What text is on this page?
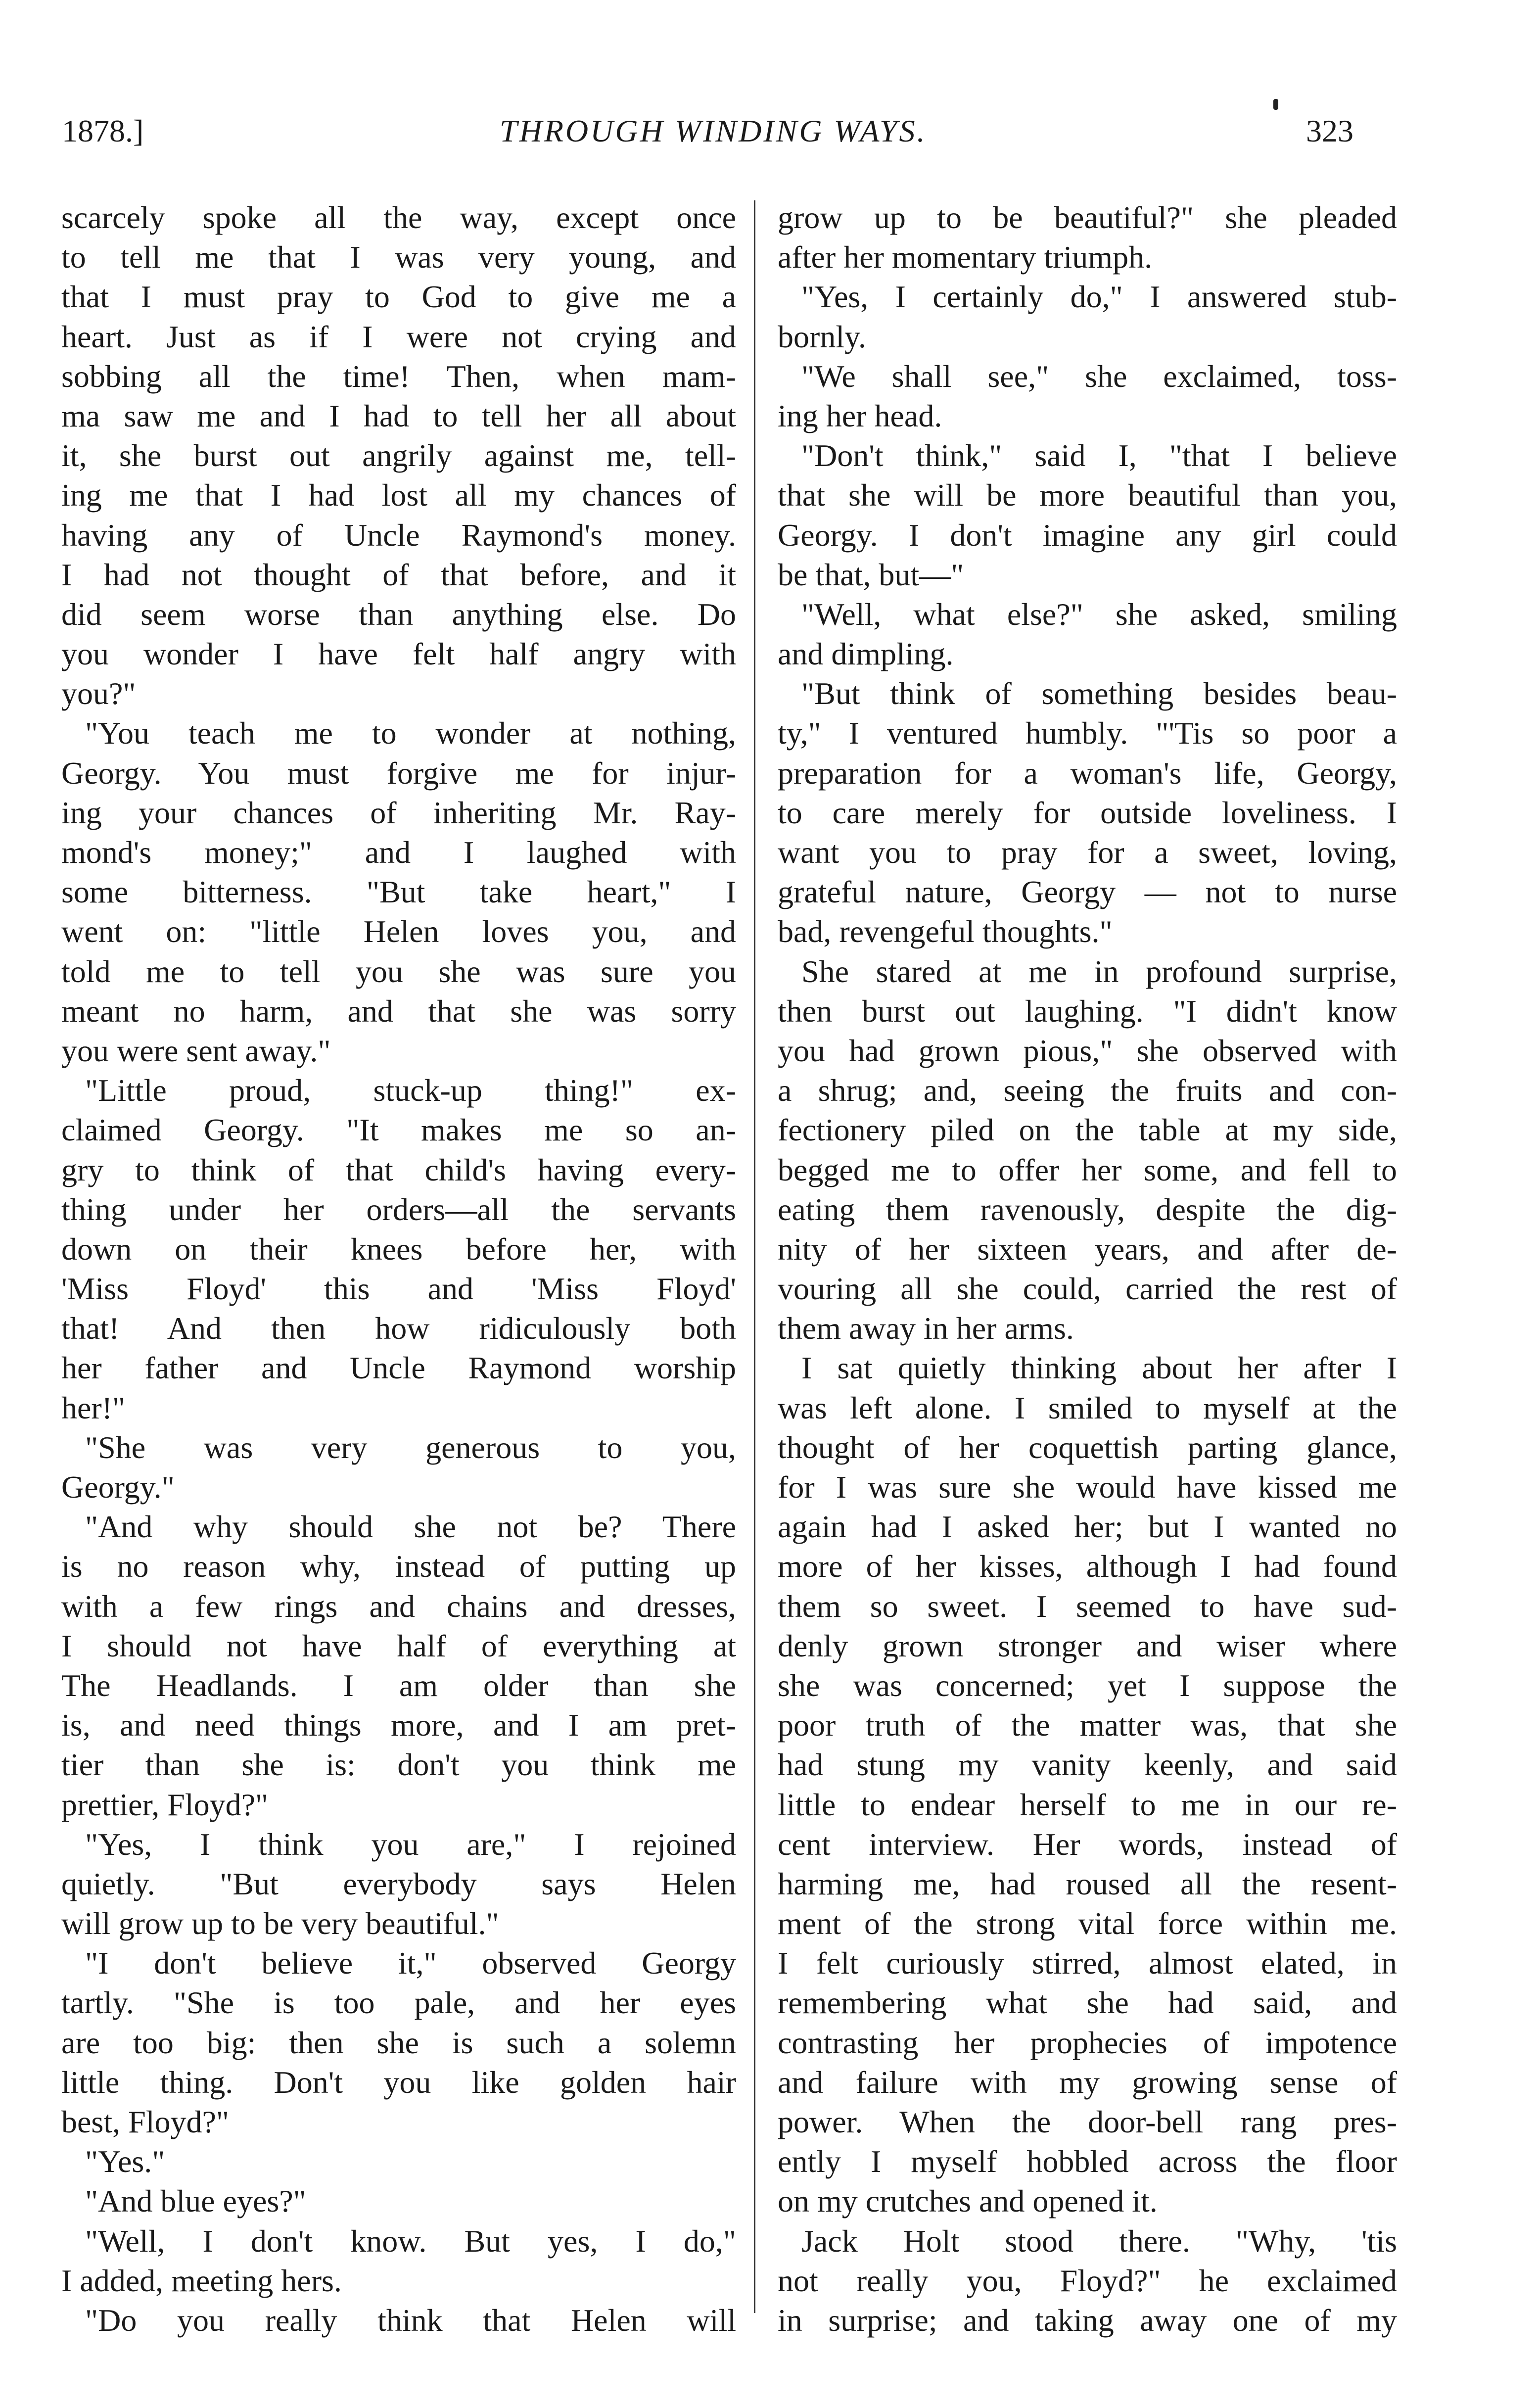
1878.]	THROUGH WINDING WAYS.	323
scarcely spoke all the way, except once
to tell me that I was very young, and
that I must pray to God to give me a
heart. Just as if I were not crying and
sobbing all the time! Then, when mam-
ma saw me and I had to tell her all about
it, she burst out angrily against me, tell-
ing me that I had lost all my chances of
having any of Uncle Raymond's money.
I had not thought of that before, and it
did seem worse than anything else. Do
you wonder I have felt half angry with
you?"
"You teach me to wonder at nothing,
Georgy. You must forgive me for injur-
ing your chances of inheriting Mr. Ray-
mond's money;" and I laughed with
some bitterness. "But take heart," I
went on: "little Helen loves you, and
told me to tell you she was sure you
meant no harm, and that she was sorry
you were sent away."
"Little proud, stuck-up thing!" ex-
claimed Georgy. "It makes me so an-
gry to think of that child's having every-
thing under her orders—all the servants
down on their knees before her, with
'Miss Floyd' this and 'Miss Floyd'
that! And then how ridiculously both
her father and Uncle Raymond worship
her!"
"She was very generous to you,
Georgy."
"And why should she not be? There
is no reason why, instead of putting up
with a few rings and chains and dresses,
I should not have half of everything at
The Headlands. I am older than she
is, and need things more, and I am pret-
tier than she is: don't you think me
prettier, Floyd?"
"Yes, I think you are," I rejoined
quietly. "But everybody says Helen
will grow up to be very beautiful."
"I don't believe it," observed Georgy
tartly. "She is too pale, and her eyes
are too big: then she is such a solemn
little thing. Don't you like golden hair
best, Floyd?"
"Yes."
"And blue eyes?"
"Well, I don't know. But yes, I do,"
I added, meeting hers.
"Do you really think that Helen will
grow up to be beautiful?" she pleaded
after her momentary triumph.
"Yes, I certainly do," I answered stub-
bornly.
"We shall see," she exclaimed, toss-
ing her head.
"Don't think," said I, "that I believe
that she will be more beautiful than you,
Georgy. I don't imagine any girl could
be that, but—"
"Well, what else?" she asked, smiling
and dimpling.
"But think of something besides beau-
ty," I ventured humbly. "'Tis so poor a
preparation for a woman's life, Georgy,
to care merely for outside loveliness. I
want you to pray for a sweet, loving,
grateful nature, Georgy — not to nurse
bad, revengeful thoughts."
She stared at me in profound surprise,
then burst out laughing. "I didn't know
you had grown pious," she observed with
a shrug; and, seeing the fruits and con-
fectionery piled on the table at my side,
begged me to offer her some, and fell to
eating them ravenously, despite the dig-
nity of her sixteen years, and after de-
vouring all she could, carried the rest of
them away in her arms.
I sat quietly thinking about her after I
was left alone. I smiled to myself at the
thought of her coquettish parting glance,
for I was sure she would have kissed me
again had I asked her; but I wanted no
more of her kisses, although I had found
them so sweet. I seemed to have sud-
denly grown stronger and wiser where
she was concerned; yet I suppose the
poor truth of the matter was, that she
had stung my vanity keenly, and said
little to endear herself to me in our re-
cent interview. Her words, instead of
harming me, had roused all the resent-
ment of the strong vital force within me.
I felt curiously stirred, almost elated, in
remembering what she had said, and
contrasting her prophecies of impotence
and failure with my growing sense of
power. When the door-bell rang pres-
ently I myself hobbled across the floor
on my crutches and opened it.
Jack Holt stood there. "Why, 'tis
not really you, Floyd?" he exclaimed
in surprise; and taking away one of my
